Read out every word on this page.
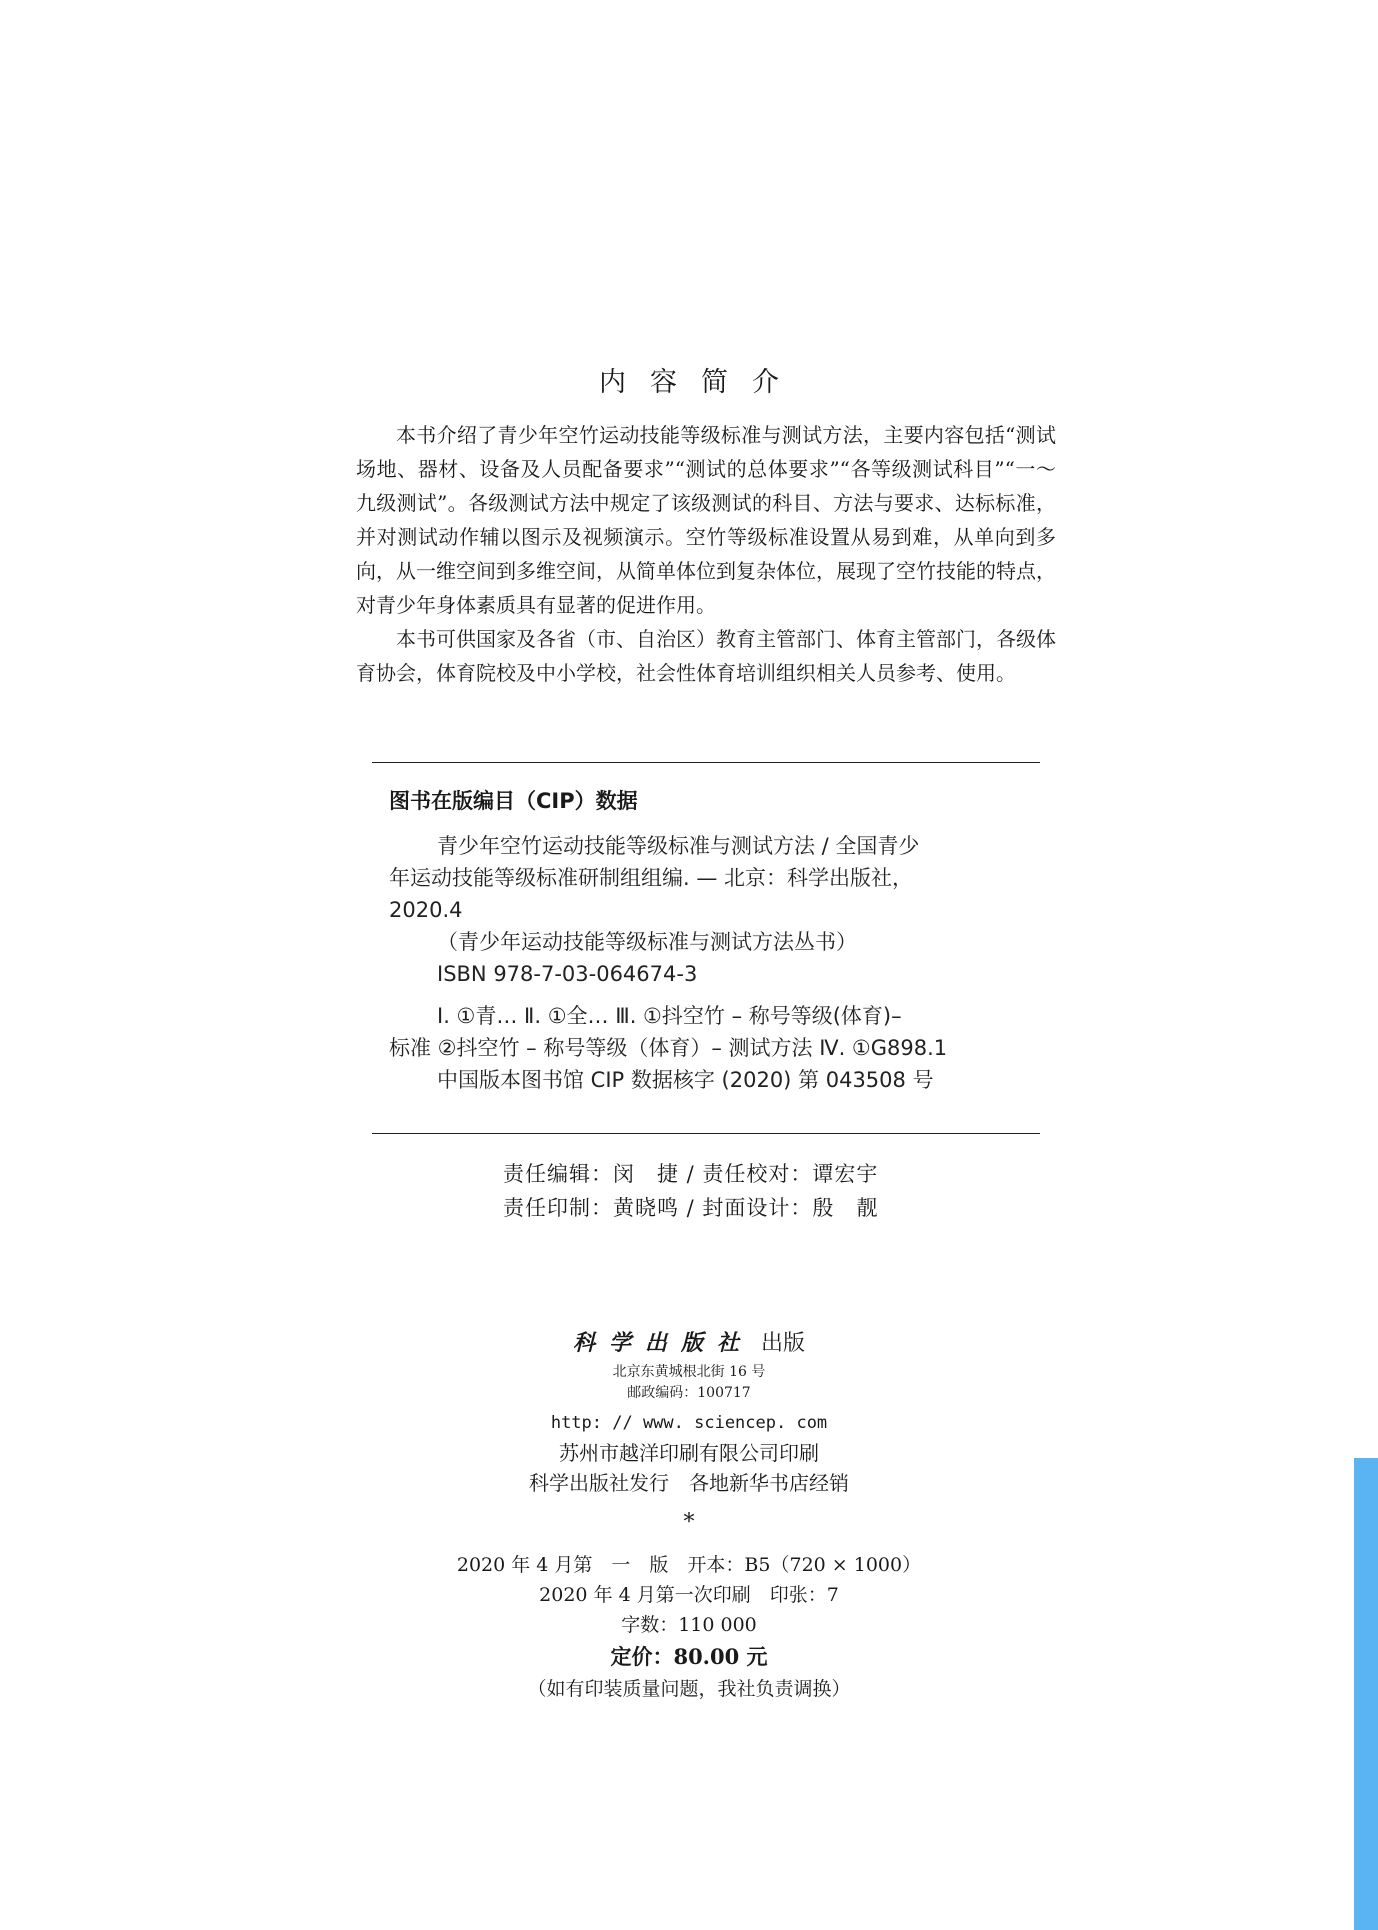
内容简介

本书介绍了青少年空竹运动技能等级标准与测试方法，主要内容包括“测试场地、器材、设备及人员配备要求”“测试的总体要求”“各等级测试科目”“一～九级测试”。各级测试方法中规定了该级测试的科目、方法与要求、达标标准，并对测试动作辅以图示及视频演示。空竹等级标准设置从易到难，从单向到多向，从一维空间到多维空间，从简单体位到复杂体位，展现了空竹技能的特点，对青少年身体素质具有显著的促进作用。

本书可供国家及各省（市、自治区）教育主管部门、体育主管部门，各级体育协会，体育院校及中小学校，社会性体育培训组织相关人员参考、使用。

图书在版编目（CIP）数据
青少年空竹运动技能等级标准与测试方法 / 全国青少
年运动技能等级标准研制组组编. — 北京：科学出版社，
2020.4
（青少年运动技能等级标准与测试方法丛书）
ISBN 978-7-03-064674-3
Ⅰ. ①青… Ⅱ. ①全… Ⅲ. ①抖空竹 – 称号等级(体育)–
标准 ②抖空竹 – 称号等级（体育）– 测试方法 Ⅳ. ①G898.1
中国版本图书馆 CIP 数据核字 (2020) 第 043508 号
责任编辑：闵　捷 / 责任校对：谭宏宇
责任印制：黄晓鸣 / 封面设计：殷　靓
科学出版社 出版
北京东黄城根北街 16 号
邮政编码：100717
http: // www. sciencep. com
苏州市越洋印刷有限公司印刷
科学出版社发行　各地新华书店经销
*
2020 年 4 月第　一　版　开本：B5（720 × 1000）
2020 年 4 月第一次印刷　印张：7
字数：110 000
定价：80.00 元
（如有印装质量问题，我社负责调换）
